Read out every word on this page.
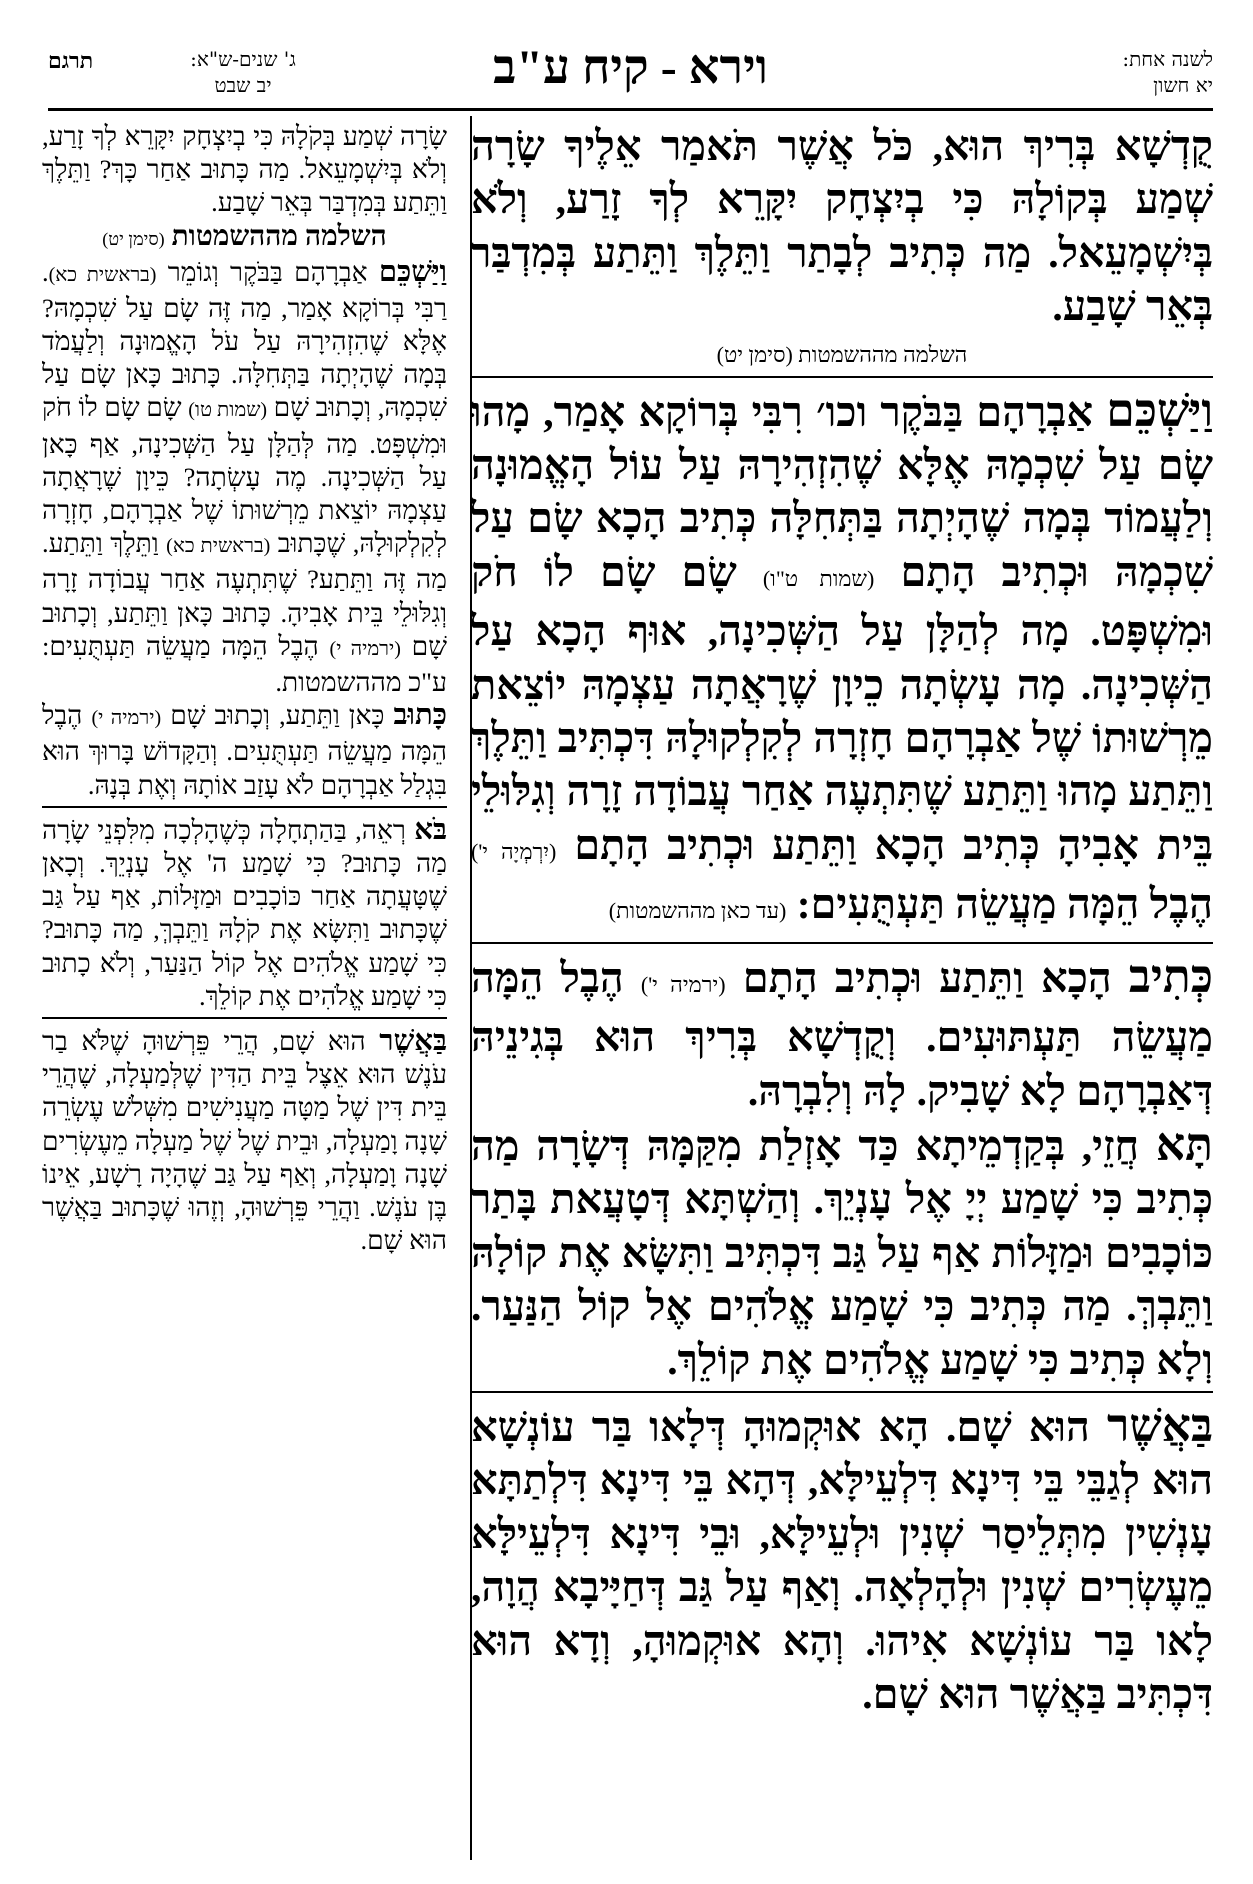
לשנה אחת:
יא חשון
וירא - קיח ע"ב
ג' שנים-ש"א:
יב שבט
תרגם

קֻדְשָׁא בְּרִיךְ הוּא, כֹּל אֲשֶׁר תֹּאמַר אֵלֶיךָ שָׂרָה שְׁמַע בְּקוֹלָהּ כִּי בְיִצְחָק יִקָּרֵא לְךָ זָרַע, וְלֹא בְּיִשְׁמָעֵאל. מַה כְּתִיב לְבָתַר וַתֵּלֶךְ וַתֵּתַע בְּמִדְבַּר בְּאֵר שָׁבַע.

השלמה מההשמטות (סימן יט)

וַיַּשְׁכֵּם אַבְרָהָם בַּבֹּקֶר וכו׳ רִבִּי בְּרוֹקָא אָמַר, מָהוּ שָׂם עַל שִׁכְמָהּ אֶלָּא שֶׁהִזְהִירָהּ עַל עוֹל הָאֱמוּנָה וְלַעֲמוֹד בְּמָה שֶׁהָיְתָה בַּתְּחִלָּה כְּתִיב הָכָא שָׂם עַל שִׁכְמָהּ וּכְתִיב הָתָם (שמות ט"ו) שָׂם שָׂם לוֹ חֹק וּמִשְׁפָּט. מָה לְהַלָּן עַל הַשְּׁכִינָה, אוּף הָכָא עַל הַשְּׁכִינָה. מָה עָשְׂתָה כֵיוָן שֶׁרָאֲתָה עַצְמָהּ יוֹצֵאת מֵרְשׁוּתוֹ שֶׁל אַבְרָהָם חָזְרָה לְקִלְקוּלָהּ דִּכְתִּיב וַתֵּלֶךְ וַתֵּתַע מָהוּ וַתֵּתַע שֶׁתִּתְעֶה אַחַר עֲבוֹדָה זָרָה וְגִלּוּלֵי בֵּית אָבִיהָ כְּתִיב הָכָא וַתֵּתַע וּכְתִיב הָתָם (יִרְמְיָה י') הֶבֶל הֵמָּה מַעֲשֵׂה תַּעְתֻּעִים: (עד כאן מההשמטות)

כְּתִיב הָכָא וַתֵּתַע וּכְתִיב הָתָם (ירמיה י') הֶבֶל הֵמָּה מַעֲשֵׂה תַּעְתּוּעִים. וְקֻדְשָׁא בְּרִיךְ הוּא בְּגִינֵיהּ דְּאַבְרָהָם לָא שָׁבִיק. לָהּ וְלִבְרָהּ.

תָּא חֲזֵי, בְּקַדְמֵיתָא כַּד אָזְלַת מִקַּמָּהּ דְּשָׂרָה מַה כְּתִיב כִּי שָׁמַע יְיָ אֶל עָנְיֵךְ. וְהַשְׁתָּא דְּטָעֲאת בָּתַר כּוֹכָבִים וּמַזָּלוֹת אַף עַל גַּב דִּכְתִּיב וַתִּשָּׂא אֶת קוֹלָהּ וַתֵּבְךְּ. מַה כְּתִיב כִּי שָׁמַע אֱלֹהִים אֶל קוֹל הַנַּעַר. וְלָא כְּתִיב כִּי שָׁמַע אֱלֹהִים אֶת קוֹלֵךְ.

בַּאֲשֶׁר הוּא שָׁם. הָא אוּקְמוּהָ דְּלָאו בַּר עוֹנְשָׁא הוּא לְגַבֵּי בֵּי דִּינָא דִּלְעֵילָּא, דְּהָא בֵּי דִּינָא דִּלְתַתָּא עָנְשִׁין מִתְּלֵיסַר שְׁנִין וּלְעֵילָּא, וּבֵי דִּינָא דִּלְעֵילָּא מֵעֶשְׂרִים שְׁנִין וּלְהָלְאָה. וְאַף עַל גַּב דְּחַיָּיבָא הֲוָה, לָאו בַּר עוֹנְשָׁא אִיהוּ. וְהָא אוּקְמוּהָ, וְדָא הוּא דִּכְתִּיב בַּאֲשֶׁר הוּא שָׁם.

שָׂרָה שְׁמַע בְּקֹלָהּ כִּי בְיִצְחָק יִקָּרֵא לְךָ זָרַע, וְלֹא בְּיִשְׁמָעֵאל. מַה כָּתוּב אַחַר כָּךְ? וַתֵּלֶךְ וַתֵּתַע בְּמִדְבַּר בְּאֵר שָׁבַע.

השלמה מההשמטות (סימן יט)

וַיַּשְׁכֵּם אַבְרָהָם בַּבֹּקֶר וְגוֹמֵר (בראשית כא). רַבִּי בְּרוֹקָא אָמַר, מַה זֶּה שָׂם עַל שִׁכְמָהּ? אֶלָּא שֶׁהִזְהִירָהּ עַל עֹל הָאֱמוּנָה וְלַעֲמֹד בְּמָה שֶׁהָיְתָה בַּתְּחִלָּה. כָּתוּב כָּאן שָׂם עַל שִׁכְמָהּ, וְכָתוּב שָׁם (שמות טו) שָׂם שָׂם לוֹ חֹק וּמִשְׁפָּט. מַה לְּהַלָּן עַל הַשְּׁכִינָה, אַף כָּאן עַל הַשְּׁכִינָה. מֶה עָשְׂתָה? כֵּיוָן שֶׁרָאֲתָה עַצְמָהּ יוֹצֵאת מֵרְשׁוּתוֹ שֶׁל אַבְרָהָם, חָזְרָה לְקִלְקוּלָהּ, שֶׁכָּתוּב (בראשית כא) וַתֵּלֶךְ וַתֵּתַע. מַה זֶּה וַתֵּתַע? שֶׁתִּתְעֶה אַחַר עֲבוֹדָה זָרָה וְגִלּוּלֵי בֵּית אָבִיהָ. כָּתוּב כָּאן וַתֵּתַע, וְכָתוּב שָׁם (ירמיה י) הֶבֶל הֵמָּה מַעֲשֵׂה תַּעְתֻּעִים: ע"כ מההשמטות.

כָּתוּב כָּאן וַתֵּתַע, וְכָתוּב שָׁם (ירמיה י) הֶבֶל הֵמָּה מַעֲשֵׂה תַּעְתֻּעִים. וְהַקָּדוֹשׁ בָּרוּךְ הוּא בִּגְלַל אַבְרָהָם לֹא עָזַב אוֹתָהּ וְאֶת בְּנָהּ.

בֹּא רְאֵה, בַּהַתְחָלָה כְּשֶׁהָלְכָה מִלִּפְנֵי שָׂרָה מַה כָּתוּב? כִּי שָׁמַע ה' אֶל עָנְיֵךְ. וְכָאן שֶׁטָּעֲתָה אַחַר כּוֹכָבִים וּמַזָּלוֹת, אַף עַל גַּב שֶׁכָּתוּב וַתִּשָּׂא אֶת קֹלָהּ וַתֵּבְךְּ, מַה כָּתוּב? כִּי שָׁמַע אֱלֹהִים אֶל קוֹל הַנַּעַר, וְלֹא כָתוּב כִּי שָׁמַע אֱלֹהִים אֶת קוֹלֵךְ.

בַּאֲשֶׁר הוּא שָׁם, הֲרֵי פֵּרְשׁוּהָ שֶׁלֹּא בַר עֹנֶשׁ הוּא אֵצֶל בֵּית הַדִּין שֶׁלְּמַעְלָה, שֶׁהֲרֵי בֵּית דִּין שֶׁל מַטָּה מַעֲנִישִׁים מִשְּׁלֹשׁ עֶשְׂרֵה שָׁנָה וָמַעְלָה, וּבֵית שֶׁל שֶׁל מַעְלָה מֵעֶשְׂרִים שָׁנָה וָמַעְלָה, וְאַף עַל גַּב שֶׁהָיָה רָשָׁע, אֵינוֹ בֶּן עֹנֶשׁ. וַהֲרֵי פֵּרְשׁוּהָ, וְזֶהוּ שֶׁכָּתוּב בַּאֲשֶׁר הוּא שָׁם.
